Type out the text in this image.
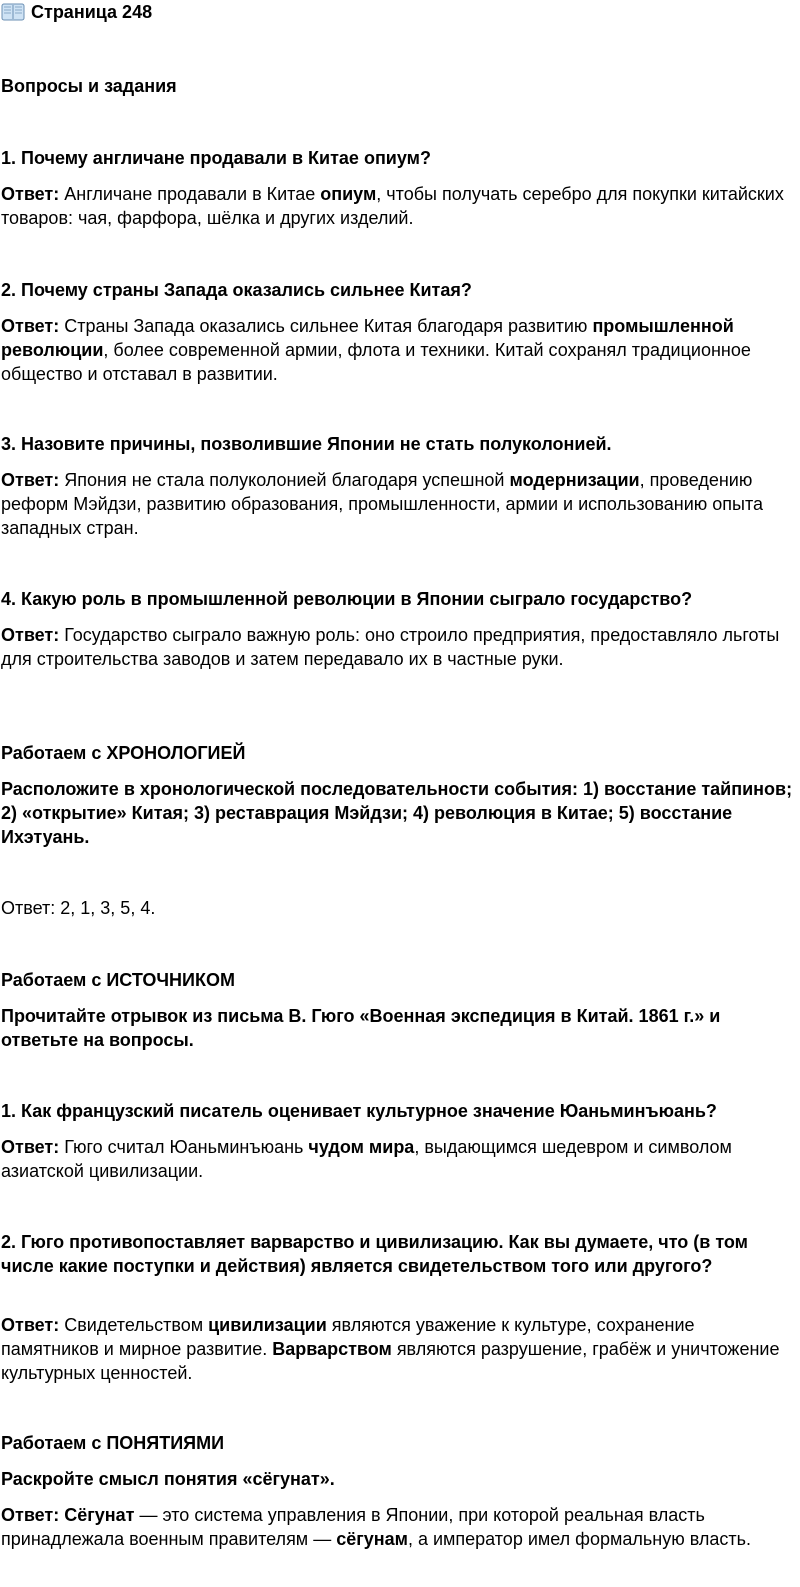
Страница 248
Вопросы и задания
1. Почему англичане продавали в Китае опиум?

Ответ: Англичане продавали в Китае опиум, чтобы получать серебро для покупки китайских товаров: чая, фарфора, шёлка и других изделий.

2. Почему страны Запада оказались сильнее Китая?

Ответ: Страны Запада оказались сильнее Китая благодаря развитию промышленной революции, более современной армии, флота и техники. Китай сохранял традиционное общество и отставал в развитии.

3. Назовите причины, позволившие Японии не стать полуколонией.

Ответ: Япония не стала полуколонией благодаря успешной модернизации, проведению реформ Мэйдзи, развитию образования, промышленности, армии и использованию опыта западных стран.

4. Какую роль в промышленной революции в Японии сыграло государство?

Ответ: Государство сыграло важную роль: оно строило предприятия, предоставляло льготы для строительства заводов и затем передавало их в частные руки.

Работаем с ХРОНОЛОГИЕЙ

Расположите в хронологической последовательности события: 1) восстание тайпинов; 2) «открытие» Китая; 3) реставрация Мэйдзи; 4) революция в Китае; 5) восстание Ихэтуань.

Ответ: 2, 1, 3, 5, 4.

Работаем с ИСТОЧНИКОМ

Прочитайте отрывок из письма В. Гюго «Военная экспедиция в Китай. 1861 г.» и ответьте на вопросы.

1. Как французский писатель оценивает культурное значение Юаньминъюань?

Ответ: Гюго считал Юаньминъюань чудом мира, выдающимся шедевром и символом азиатской цивилизации.

2. Гюго противопоставляет варварство и цивилизацию. Как вы думаете, что (в том числе какие поступки и действия) является свидетельством того или другого?

Ответ: Свидетельством цивилизации являются уважение к культуре, сохранение памятников и мирное развитие. Варварством являются разрушение, грабёж и уничтожение культурных ценностей.

Работаем с ПОНЯТИЯМИ

Раскройте смысл понятия «сёгунат».

Ответ: Сёгунат — это система управления в Японии, при которой реальная власть принадлежала военным правителям — сёгунам, а император имел формальную власть.
